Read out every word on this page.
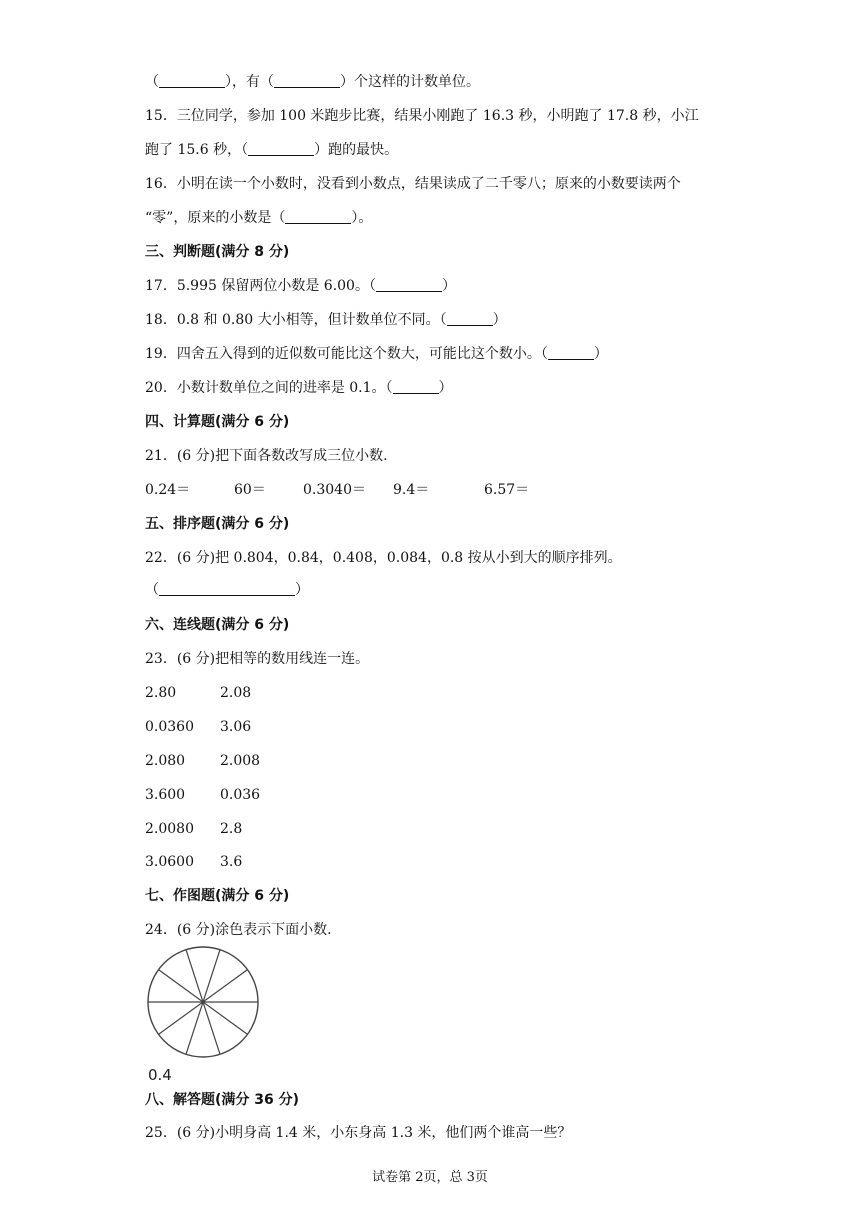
（	），有（	）个这样的计数单位。
15．三位同学，参加 100 米跑步比赛，结果小刚跑了 16.3 秒，小明跑了 17.8 秒，小江
跑了 15.6 秒，（	）跑的最快。
16．小明在读一个小数时，没看到小数点，结果读成了二千零八；原来的小数要读两个
“零”，原来的小数是（	）。
三、判断题(满分 8 分)
17．5.995 保留两位小数是 6.00。（	）
18．0.8 和 0.80 大小相等，但计数单位不同。（	）
19．四舍五入得到的近似数可能比这个数大，可能比这个数小。（	）
20．小数计数单位之间的进率是 0.1。（	）
四、计算题(满分 6 分)
21．(6 分)把下面各数改写成三位小数.
0.24＝	60＝	0.3040＝ 9.4＝	6.57＝
五、排序题(满分 6 分)
22．(6 分)把 0.804，0.84，0.408，0.084，0.8 按从小到大的顺序排列。
（	）
六、连线题(满分 6 分)
23．(6 分)把相等的数用线连一连。
2.80	2.08
0.0360 3.06
2.080 2.008
3.600 0.036
2.0080 2.8
3.0600 3.6
七、作图题(满分 6 分)
24．(6 分)涂色表示下面小数.
0.4
八、解答题(满分 36 分)
25．(6 分)小明身高 1.4 米，小东身高 1.3 米，他们两个谁高一些？
试卷第 2页，总 3页
